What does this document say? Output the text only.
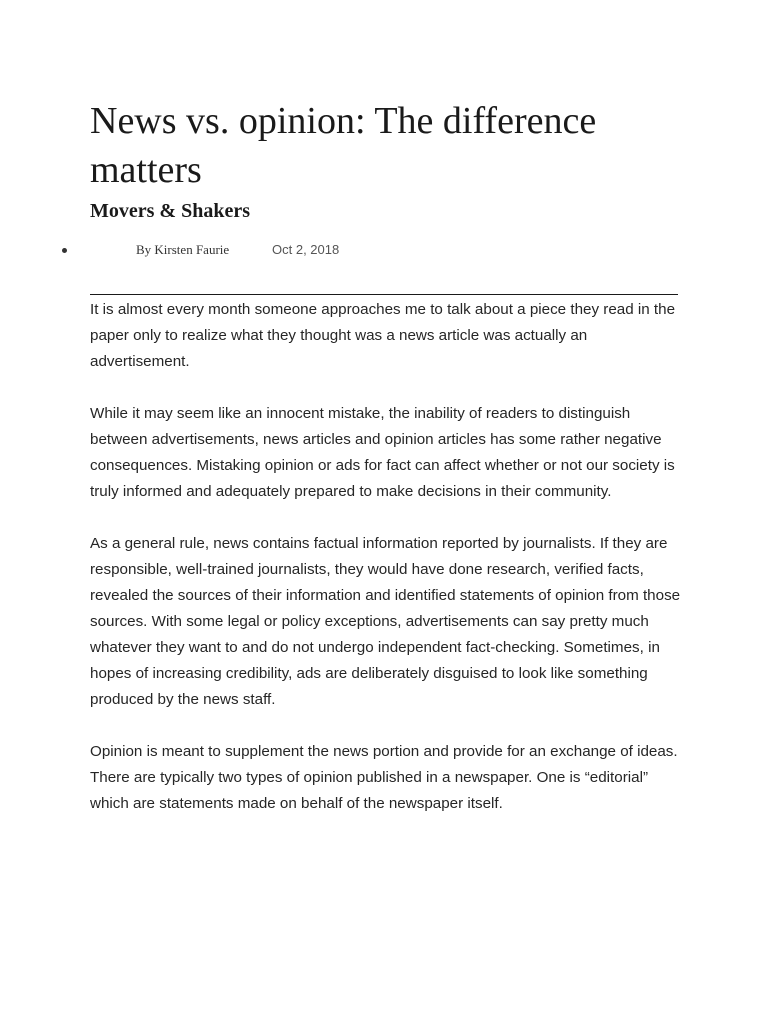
News vs. opinion: The difference matters
Movers & Shakers
By Kirsten Faurie	Oct 2, 2018

It is almost every month someone approaches me to talk about a piece they read in the paper only to realize what they thought was a news article was actually an advertisement.

While it may seem like an innocent mistake, the inability of readers to distinguish between advertisements, news articles and opinion articles has some rather negative consequences. Mistaking opinion or ads for fact can affect whether or not our society is truly informed and adequately prepared to make decisions in their community.

As a general rule, news contains factual information reported by journalists. If they are responsible, well-trained journalists, they would have done research, verified facts, revealed the sources of their information and identified statements of opinion from those sources. With some legal or policy exceptions, advertisements can say pretty much whatever they want to and do not undergo independent fact-checking. Sometimes, in hopes of increasing credibility, ads are deliberately disguised to look like something produced by the news staff.

Opinion is meant to supplement the news portion and provide for an exchange of ideas. There are typically two types of opinion published in a newspaper. One is “editorial” which are statements made on behalf of the newspaper itself.
